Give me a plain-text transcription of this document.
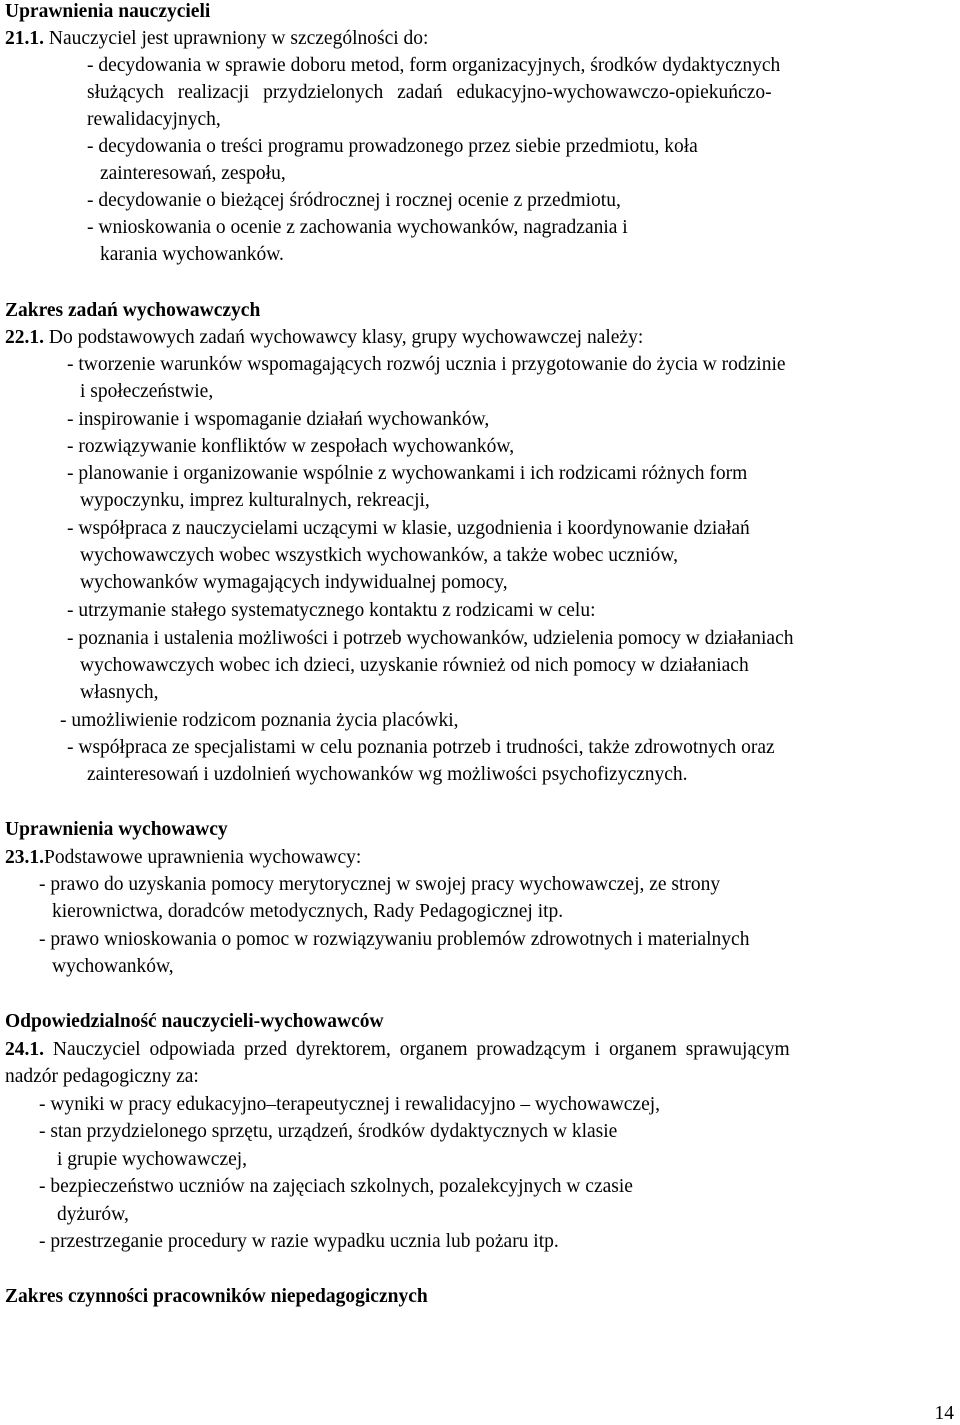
Uprawnienia nauczycieli
21.1. Nauczyciel jest uprawniony w szczególności do:
- decydowania w sprawie doboru metod, form organizacyjnych, środków dydaktycznych
służących realizacji przydzielonych zadań edukacyjno-wychowawczo-opiekuńczo-
rewalidacyjnych,
- decydowania o treści programu prowadzonego przez siebie przedmiotu, koła
zainteresowań, zespołu,
- decydowanie o bieżącej śródrocznej i rocznej ocenie z przedmiotu,
- wnioskowania o ocenie z zachowania wychowanków, nagradzania i
karania wychowanków.
Zakres zadań wychowawczych
22.1. Do podstawowych zadań wychowawcy klasy, grupy wychowawczej należy:
- tworzenie warunków wspomagających rozwój ucznia i przygotowanie do życia w rodzinie
i społeczeństwie,
- inspirowanie i wspomaganie działań wychowanków,
- rozwiązywanie konfliktów w zespołach wychowanków,
- planowanie i organizowanie wspólnie z wychowankami i ich rodzicami różnych form
wypoczynku, imprez kulturalnych, rekreacji,
- współpraca z nauczycielami uczącymi w klasie, uzgodnienia i koordynowanie działań
wychowawczych wobec wszystkich wychowanków, a także wobec uczniów,
wychowanków wymagających indywidualnej pomocy,
- utrzymanie stałego systematycznego kontaktu z rodzicami w celu:
- poznania i ustalenia możliwości i potrzeb wychowanków, udzielenia pomocy w działaniach
wychowawczych wobec ich dzieci, uzyskanie również od nich pomocy w działaniach
własnych,
- umożliwienie rodzicom poznania życia placówki,
- współpraca ze specjalistami w celu poznania potrzeb i trudności, także zdrowotnych oraz
zainteresowań i uzdolnień wychowanków wg możliwości psychofizycznych.
Uprawnienia wychowawcy
23.1.Podstawowe uprawnienia wychowawcy:
- prawo do uzyskania pomocy merytorycznej w swojej pracy wychowawczej, ze strony
kierownictwa, doradców metodycznych, Rady Pedagogicznej itp.
- prawo wnioskowania o pomoc w rozwiązywaniu problemów zdrowotnych i materialnych
wychowanków,
Odpowiedzialność nauczycieli-wychowawców
24.1. Nauczyciel odpowiada przed dyrektorem, organem prowadzącym i organem sprawującym
nadzór pedagogiczny za:
- wyniki w pracy edukacyjno–terapeutycznej i rewalidacyjno – wychowawczej,
- stan przydzielonego sprzętu, urządzeń, środków dydaktycznych w klasie
i grupie wychowawczej,
- bezpieczeństwo uczniów na zajęciach szkolnych, pozalekcyjnych w czasie
dyżurów,
- przestrzeganie procedury w razie wypadku ucznia lub pożaru itp.
Zakres czynności pracowników niepedagogicznych
14
